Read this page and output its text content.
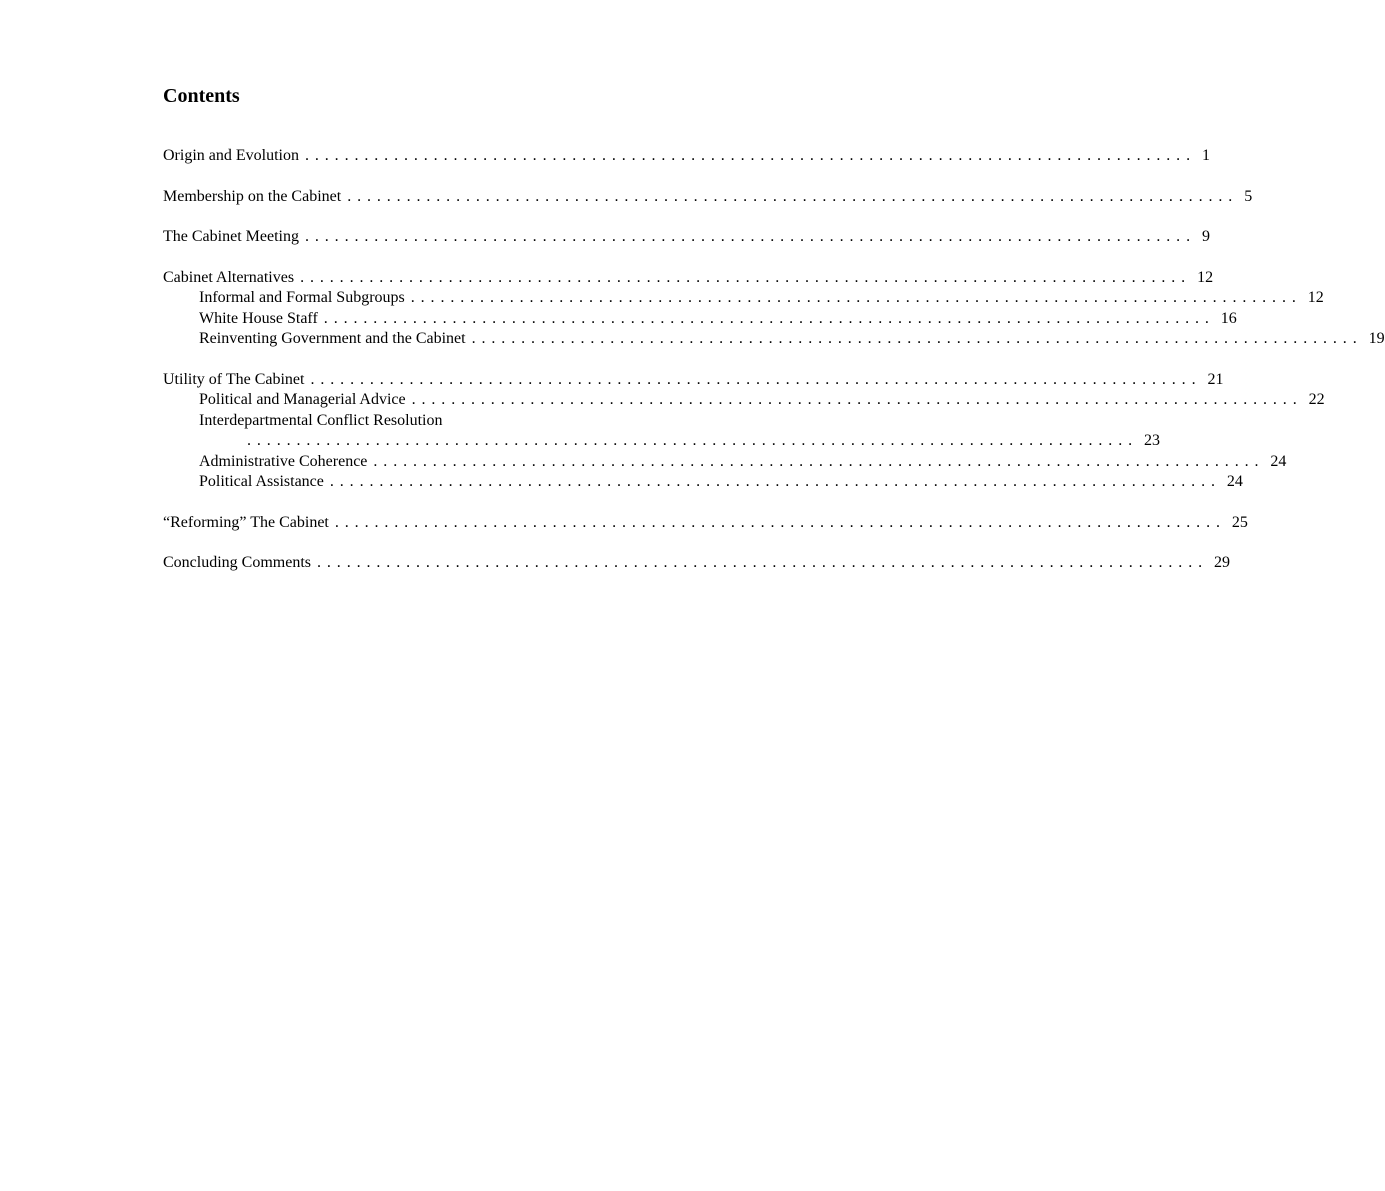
Contents
Origin and Evolution .......................................................................................... 1
Membership on the Cabinet .......................................................................................... 5
The Cabinet Meeting .......................................................................................... 9
Cabinet Alternatives .......................................................................................... 12
Informal and Formal Subgroups .......................................................................................... 12
White House Staff .......................................................................................... 16
Reinventing Government and the Cabinet .......................................................................................... 19
Utility of The Cabinet .......................................................................................... 21
Political and Managerial Advice .......................................................................................... 22
Interdepartmental Conflict Resolution
.......................................................................................... 23
Administrative Coherence .......................................................................................... 24
Political Assistance .......................................................................................... 24
“Reforming” The Cabinet .......................................................................................... 25
Concluding Comments .......................................................................................... 29
